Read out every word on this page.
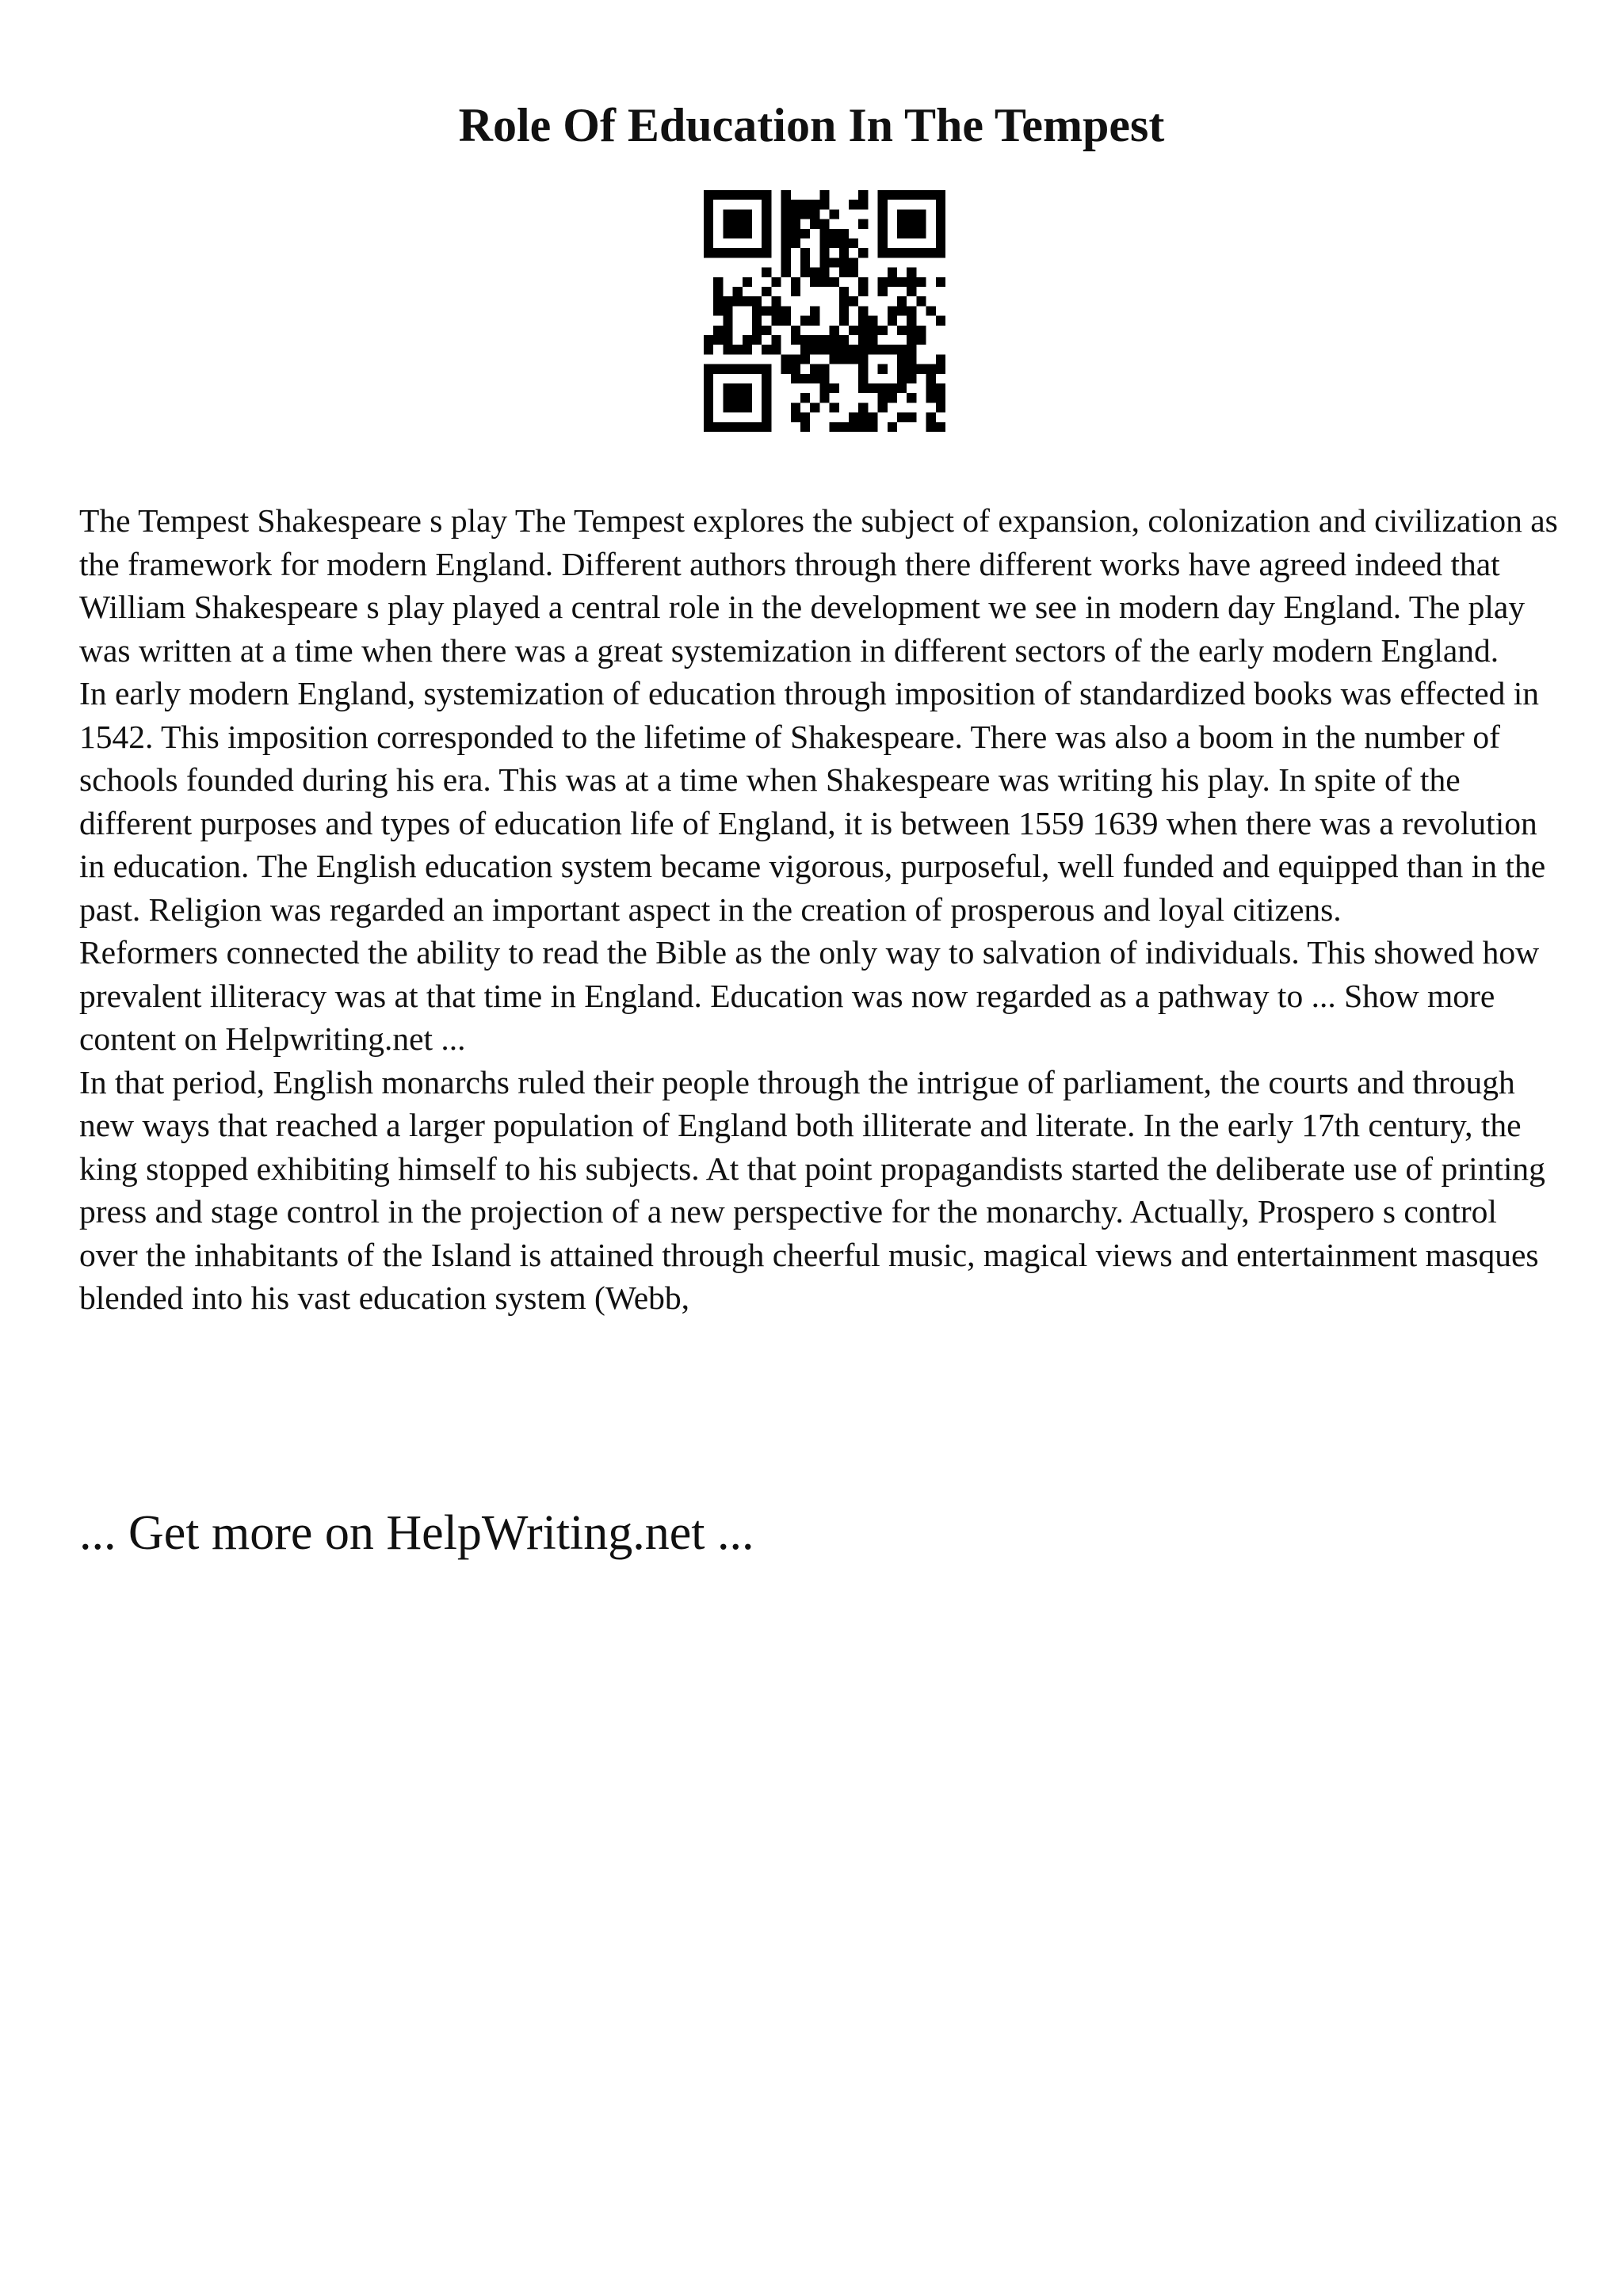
Role Of Education In The Tempest

The Tempest Shakespeare s play The Tempest explores the subject of expansion, colonization and civilization as the framework for modern England. Different authors through there different works have agreed indeed that William Shakespeare s play played a central role in the development we see in modern day England. The play was written at a time when there was a great systemization in different sectors of the early modern England.

In early modern England, systemization of education through imposition of standardized books was effected in 1542. This imposition corresponded to the lifetime of Shakespeare. There was also a boom in the number of schools founded during his era. This was at a time when Shakespeare was writing his play. In spite of the different purposes and types of education life of England, it is between 1559 1639 when there was a revolution in education. The English education system became vigorous, purposeful, well funded and equipped than in the past. Religion was regarded an important aspect in the creation of prosperous and loyal citizens.

Reformers connected the ability to read the Bible as the only way to salvation of individuals. This showed how prevalent illiteracy was at that time in England. Education was now regarded as a pathway to ... Show more content on Helpwriting.net ...

In that period, English monarchs ruled their people through the intrigue of parliament, the courts and through new ways that reached a larger population of England both illiterate and literate. In the early 17th century, the king stopped exhibiting himself to his subjects. At that point propagandists started the deliberate use of printing press and stage control in the projection of a new perspective for the monarchy. Actually, Prospero s control over the inhabitants of the Island is attained through cheerful music, magical views and entertainment masques blended into his vast education system (Webb,

... Get more on HelpWriting.net ...
